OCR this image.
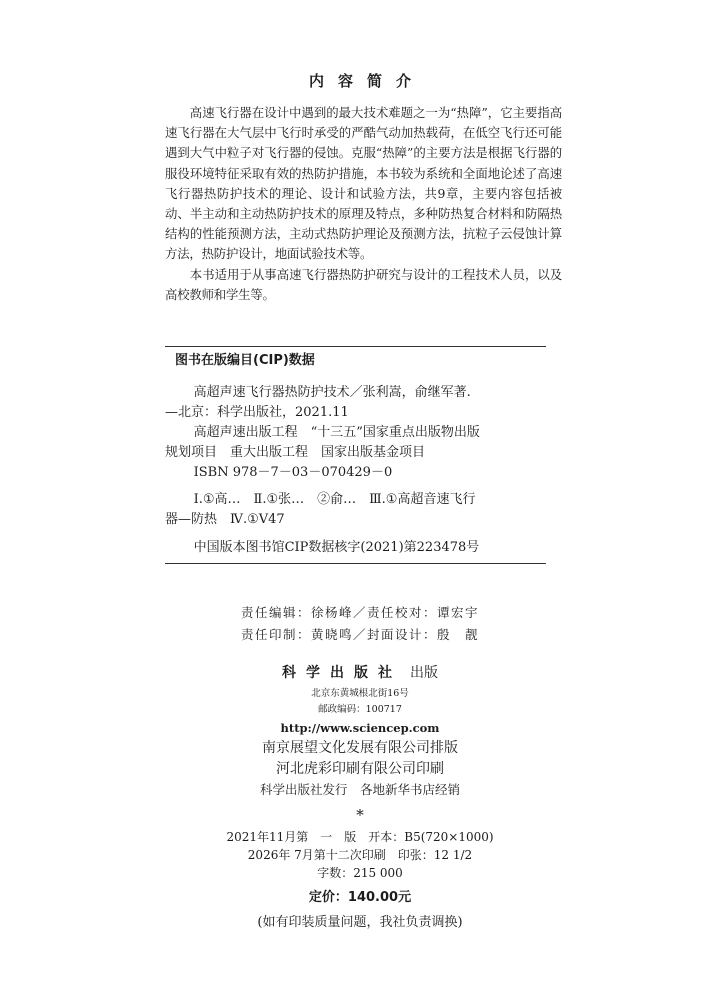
内容简介

高速飞行器在设计中遇到的最大技术难题之一为“热障”，它主要指高速飞行器在大气层中飞行时承受的严酷气动加热载荷，在低空飞行还可能遇到大气中粒子对飞行器的侵蚀。克服“热障”的主要方法是根据飞行器的服役环境特征采取有效的热防护措施，本书较为系统和全面地论述了高速飞行器热防护技术的理论、设计和试验方法，共9章，主要内容包括被动、半主动和主动热防护技术的原理及特点，多种防热复合材料和防隔热结构的性能预测方法，主动式热防护理论及预测方法，抗粒子云侵蚀计算方法，热防护设计，地面试验技术等。

本书适用于从事高速飞行器热防护研究与设计的工程技术人员，以及高校教师和学生等。

图书在版编目(CIP)数据
高超声速飞行器热防护技术／张利嵩，俞继军著.
—北京：科学出版社，2021.11
高超声速出版工程　“十三五”国家重点出版物出版
规划项目　重大出版工程　国家出版基金项目
ISBN 978－7－03－070429－0
Ⅰ.①高…　Ⅱ.①张…　②俞…　Ⅲ.①高超音速飞行
器—防热　Ⅳ.①V47
中国版本图书馆CIP数据核字(2021)第223478号
责任编辑：徐杨峰／责任校对：谭宏宇
责任印制：黄晓鸣／封面设计：殷　靓
科学出版社 出版
北京东黄城根北街16号
邮政编码：100717
http://www.sciencep.com
南京展望文化发展有限公司排版
河北虎彩印刷有限公司印刷
科学出版社发行　各地新华书店经销
*
2021年11月第　一　版　开本：B5(720×1000)
2026年 7月第十二次印刷　印张：12 1/2
字数：215 000
定价：140.00元
(如有印装质量问题，我社负责调换)
